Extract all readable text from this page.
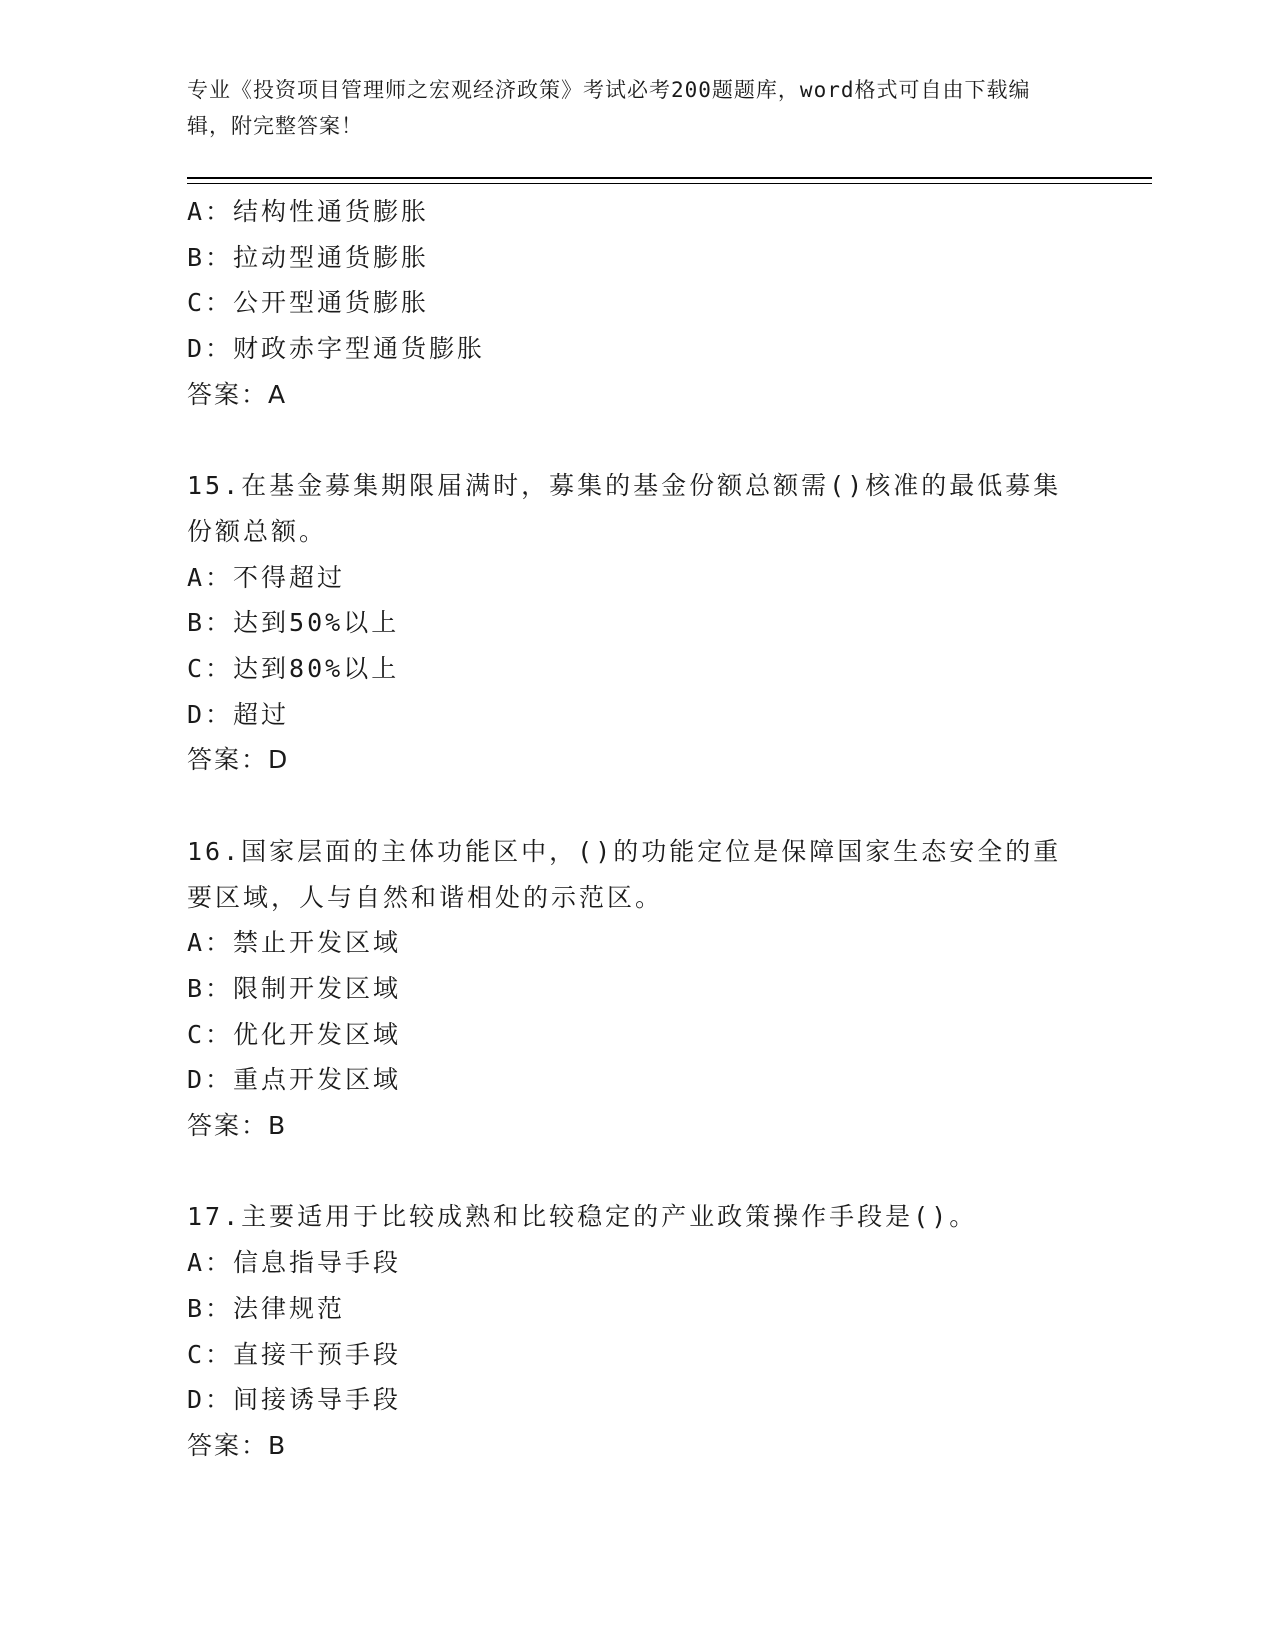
专业《投资项目管理师之宏观经济政策》考试必考200题题库，word格式可自由下载编辑，附完整答案！
A：结构性通货膨胀
B：拉动型通货膨胀
C：公开型通货膨胀
D：财政赤字型通货膨胀
答案：A
15.在基金募集期限届满时，募集的基金份额总额需()核准的最低募集份额总额。
A：不得超过
B：达到50%以上
C：达到80%以上
D：超过
答案：D
16.国家层面的主体功能区中，()的功能定位是保障国家生态安全的重要区域，人与自然和谐相处的示范区。
A：禁止开发区域
B：限制开发区域
C：优化开发区域
D：重点开发区域
答案：B
17.主要适用于比较成熟和比较稳定的产业政策操作手段是()。
A：信息指导手段
B：法律规范
C：直接干预手段
D：间接诱导手段
答案：B
